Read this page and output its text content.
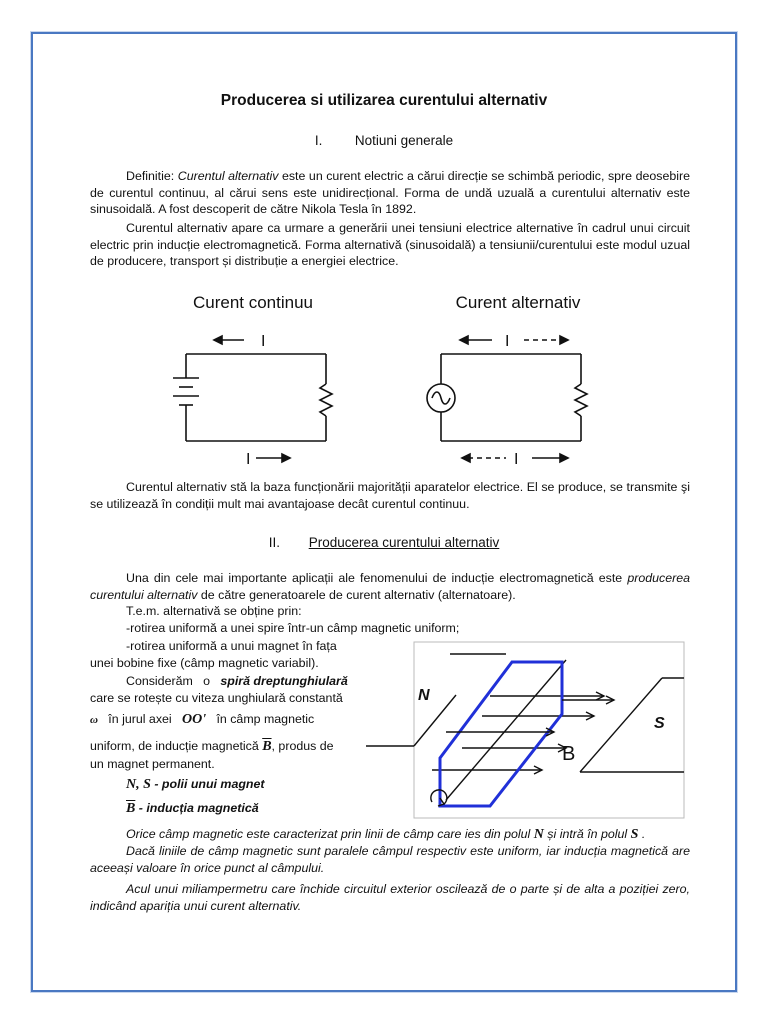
Producerea si utilizarea curentului alternativ
I. Notiuni generale
Definitie: Curentul alternativ este un curent electric a cărui direcție se schimbă periodic, spre deosebire de curentul continuu, al cărui sens este unidirecțional. Forma de undă uzuală a curentului alternativ este sinusoidală. A fost descoperit de către Nikola Tesla în 1892.
Curentul alternativ apare ca urmare a generării unei tensiuni electrice alternative în cadrul unui circuit electric prin inducție electromagnetică. Forma alternativă (sinusoidală) a tensiunii/curentului este modul uzual de producere, transport și distribuție a energiei electrice.
Curent continuu	Curent alternativ
I
I
I
I
Curentul alternativ stă la baza funcționării majorității aparatelor electrice. El se produce, se transmite şi se utilizează în condiții mult mai avantajoase decât curentul continuu.
II. Producerea curentului alternativ
Una din cele mai importante aplicații ale fenomenului de inducție electromagnetică este producerea curentului alternativ de către generatoarele de curent alternativ (alternatoare).
T.e.m. alternativă se obține prin:
-rotirea uniformă a unei spire într-un câmp magnetic uniform;
-rotirea uniformă a unui magnet în fața
unei bobine fixe (câmp magnetic variabil).
Considerăm o spiră dreptunghiulară
care se rotește cu viteza unghiulară constantă
ω în jurul axei OO' în câmp magnetic
uniform, de inducție magnetică $\overline{B}$, produs de
un magnet permanent.
N, S - polii unui magnet
$\overline{B}$ - inducția magnetică
Orice câmp magnetic este caracterizat prin linii de câmp care ies din polul N și intră în polul S .
Dacă liniile de câmp magnetic sunt paralele câmpul respectiv este uniform, iar inducția magnetică are aceeași valoare în orice punct al câmpului.
Acul unui miliampermetru care închide circuitul exterior oscilează de o parte și de alta a poziției zero, indicând apariția unui curent alternativ.
N
S
B
